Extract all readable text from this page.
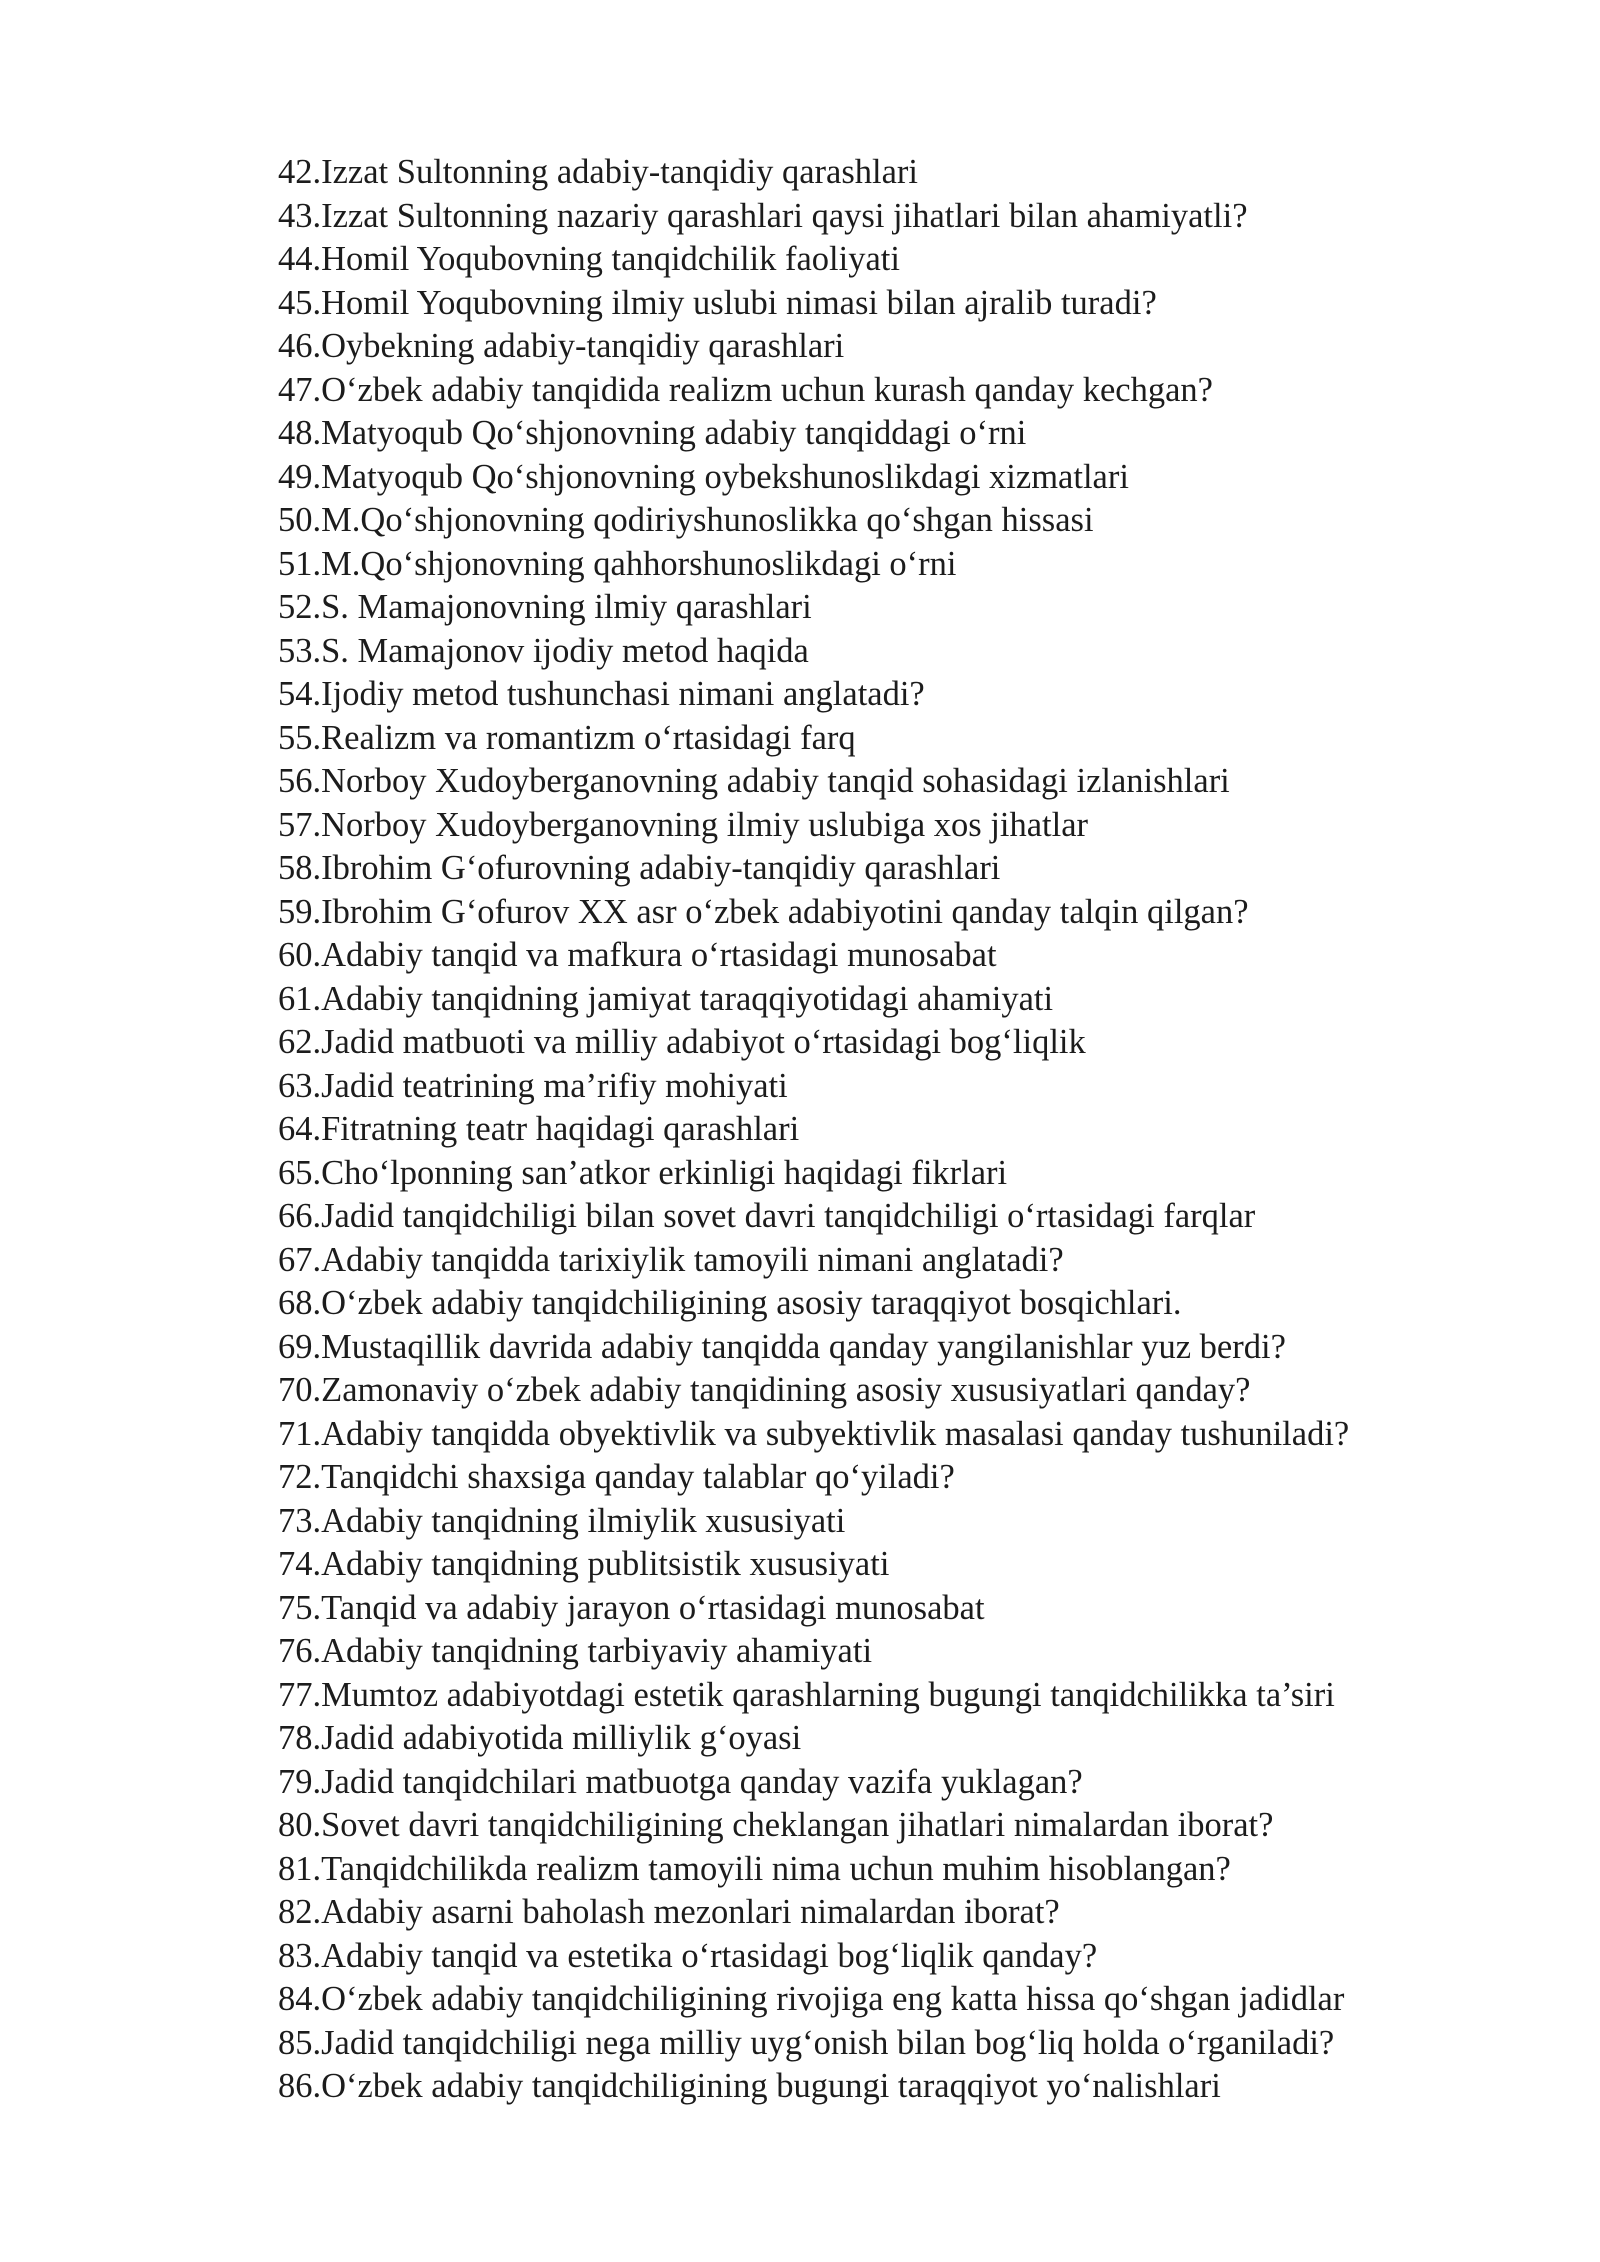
42. Izzat Sultonning adabiy-tanqidiy qarashlari
43. Izzat Sultonning nazariy qarashlari qaysi jihatlari bilan ahamiyatli?
44. Homil Yoqubovning tanqidchilik faoliyati
45. Homil Yoqubovning ilmiy uslubi nimasi bilan ajralib turadi?
46. Oybekning adabiy-tanqidiy qarashlari
47. O‘zbek adabiy tanqidida realizm uchun kurash qanday kechgan?
48. Matyoqub Qo‘shjonovning adabiy tanqiddagi o‘rni
49. Matyoqub Qo‘shjonovning oybekshunoslikdagi xizmatlari
50. M.Qo‘shjonovning qodiriyshunoslikka qo‘shgan hissasi
51. M.Qo‘shjonovning qahhorshunoslikdagi o‘rni
52. S. Mamajonovning ilmiy qarashlari
53. S. Mamajonov ijodiy metod haqida
54. Ijodiy metod tushunchasi nimani anglatadi?
55. Realizm va romantizm o‘rtasidagi farq
56. Norboy Xudoyberganovning adabiy tanqid sohasidagi izlanishlari
57. Norboy Xudoyberganovning ilmiy uslubiga xos jihatlar
58. Ibrohim G‘ofurovning adabiy-tanqidiy qarashlari
59. Ibrohim G‘ofurov XX asr o‘zbek adabiyotini qanday talqin qilgan?
60. Adabiy tanqid va mafkura o‘rtasidagi munosabat
61. Adabiy tanqidning jamiyat taraqqiyotidagi ahamiyati
62. Jadid matbuoti va milliy adabiyot o‘rtasidagi bog‘liqlik
63. Jadid teatrining ma’rifiy mohiyati
64. Fitratning teatr haqidagi qarashlari
65. Cho‘lponning san’atkor erkinligi haqidagi fikrlari
66. Jadid tanqidchiligi bilan sovet davri tanqidchiligi o‘rtasidagi farqlar
67. Adabiy tanqidda tarixiylik tamoyili nimani anglatadi?
68. O‘zbek adabiy tanqidchiligining asosiy taraqqiyot bosqichlari.
69. Mustaqillik davrida adabiy tanqidda qanday yangilanishlar yuz berdi?
70. Zamonaviy o‘zbek adabiy tanqidining asosiy xususiyatlari qanday?
71. Adabiy tanqidda obyektivlik va subyektivlik masalasi qanday tushuniladi?
72. Tanqidchi shaxsiga qanday talablar qo‘yiladi?
73. Adabiy tanqidning ilmiylik xususiyati
74. Adabiy tanqidning publitsistik xususiyati
75. Tanqid va adabiy jarayon o‘rtasidagi munosabat
76. Adabiy tanqidning tarbiyaviy ahamiyati
77. Mumtoz adabiyotdagi estetik qarashlarning bugungi tanqidchilikka ta’siri
78. Jadid adabiyotida milliylik g‘oyasi
79. Jadid tanqidchilari matbuotga qanday vazifa yuklagan?
80. Sovet davri tanqidchiligining cheklangan jihatlari nimalardan iborat?
81. Tanqidchilikda realizm tamoyili nima uchun muhim hisoblangan?
82. Adabiy asarni baholash mezonlari nimalardan iborat?
83. Adabiy tanqid va estetika o‘rtasidagi bog‘liqlik qanday?
84. O‘zbek adabiy tanqidchiligining rivojiga eng katta hissa qo‘shgan jadidlar
85. Jadid tanqidchiligi nega milliy uyg‘onish bilan bog‘liq holda o‘rganiladi?
86. O‘zbek adabiy tanqidchiligining bugungi taraqqiyot yo‘nalishlari
